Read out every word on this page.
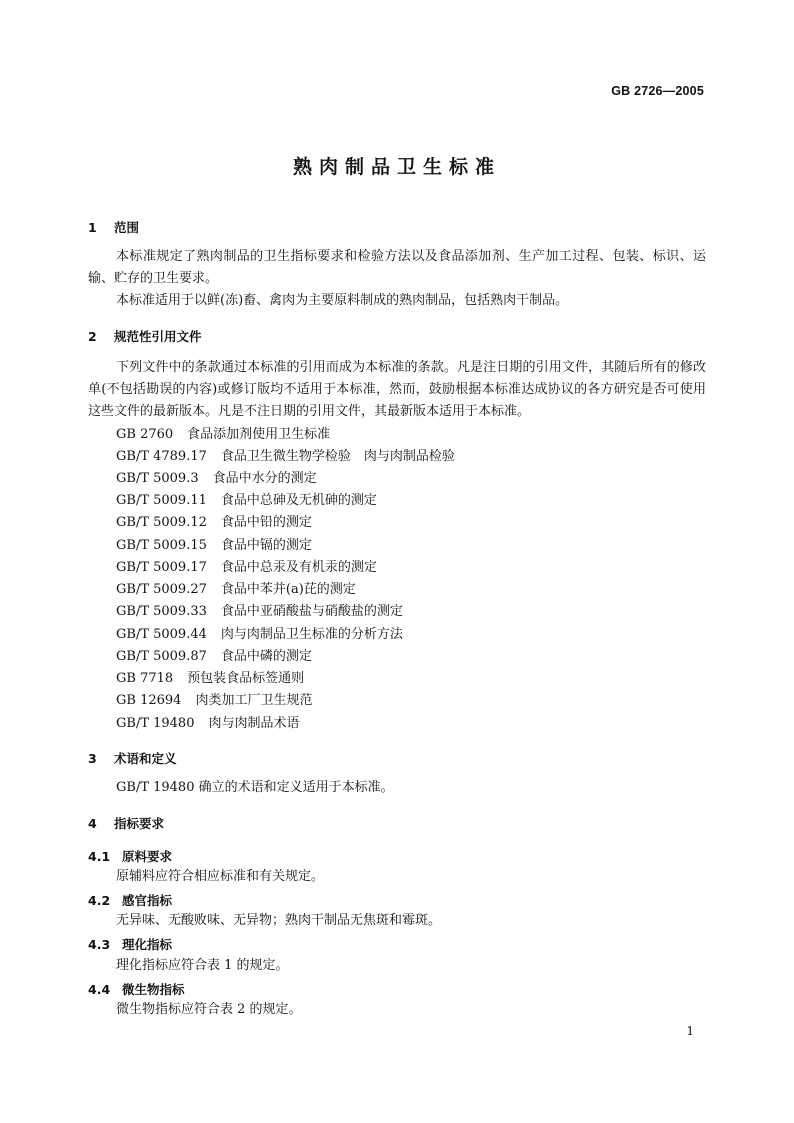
GB 2726—2005
熟肉制品卫生标准
1 范围
本标准规定了熟肉制品的卫生指标要求和检验方法以及食品添加剂、生产加工过程、包装、标识、运输、贮存的卫生要求。
本标准适用于以鲜(冻)畜、禽肉为主要原料制成的熟肉制品，包括熟肉干制品。
2 规范性引用文件
下列文件中的条款通过本标准的引用而成为本标准的条款。凡是注日期的引用文件，其随后所有的修改单(不包括勘误的内容)或修订版均不适用于本标准，然而，鼓励根据本标准达成协议的各方研究是否可使用这些文件的最新版本。凡是不注日期的引用文件，其最新版本适用于本标准。
GB 2760 食品添加剂使用卫生标准
GB/T 4789.17 食品卫生微生物学检验　肉与肉制品检验
GB/T 5009.3 食品中水分的测定
GB/T 5009.11 食品中总砷及无机砷的测定
GB/T 5009.12 食品中铅的测定
GB/T 5009.15 食品中镉的测定
GB/T 5009.17 食品中总汞及有机汞的测定
GB/T 5009.27 食品中苯并(a)芘的测定
GB/T 5009.33 食品中亚硝酸盐与硝酸盐的测定
GB/T 5009.44 肉与肉制品卫生标准的分析方法
GB/T 5009.87 食品中磷的测定
GB 7718 预包装食品标签通则
GB 12694 肉类加工厂卫生规范
GB/T 19480 肉与肉制品术语
3 术语和定义
GB/T 19480 确立的术语和定义适用于本标准。
4 指标要求
4.1 原料要求
原辅料应符合相应标准和有关规定。
4.2 感官指标
无异味、无酸败味、无异物；熟肉干制品无焦斑和霉斑。
4.3 理化指标
理化指标应符合表 1 的规定。
4.4 微生物指标
微生物指标应符合表 2 的规定。
1
